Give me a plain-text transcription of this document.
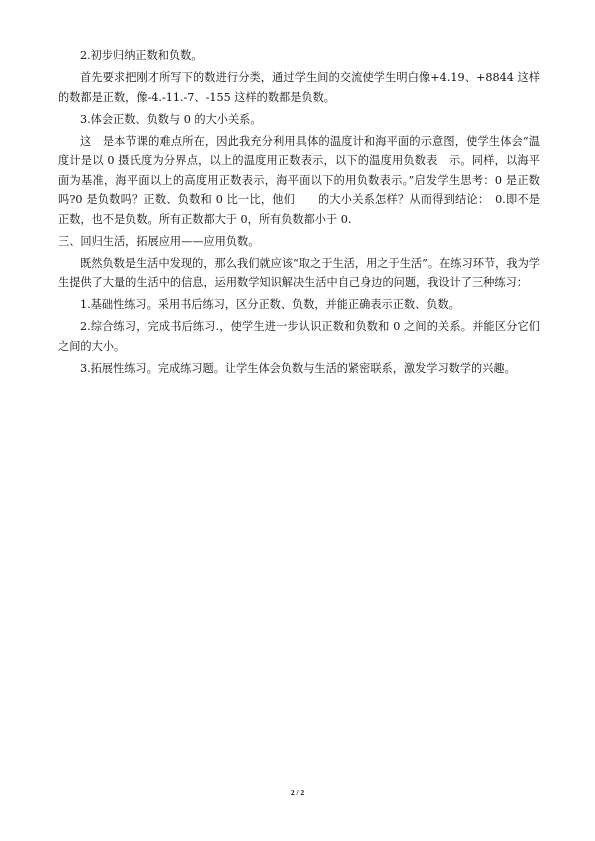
2.初步归纳正数和负数。

首先要求把刚才所写下的数进行分类，通过学生间的交流使学生明白像+4.19、+8844 这样的数都是正数，像-4.-11.-7、-155 这样的数都是负数。

3.体会正数、负数与 0 的大小关系。

这　是本节课的难点所在，因此我充分利用具体的温度计和海平面的示意图，使学生体会“温度计是以 0 摄氏度为分界点，以上的温度用正数表示，以下的温度用负数表　示。同样，以海平面为基准，海平面以上的高度用正数表示，海平面以下的用负数表示。”启发学生思考：0 是正数吗?0 是负数吗？正数、负数和 0 比一比，他们　　的大小关系怎样？从而得到结论：　0.即不是正数，也不是负数。所有正数都大于 0，所有负数都小于 0.

三、回归生活，拓展应用——应用负数。

既然负数是生活中发现的，那么我们就应该“取之于生活，用之于生活”。在练习环节，我为学生提供了大量的生活中的信息，运用数学知识解决生活中自己身边的问题，我设计了三种练习：

1.基础性练习。采用书后练习，区分正数、负数，并能正确表示正数、负数。

2.综合练习，完成书后练习.，使学生进一步认识正数和负数和 0 之间的关系。并能区分它们之间的大小。

3.拓展性练习。完成练习题。让学生体会负数与生活的紧密联系，激发学习数学的兴趣。

2 / 2
